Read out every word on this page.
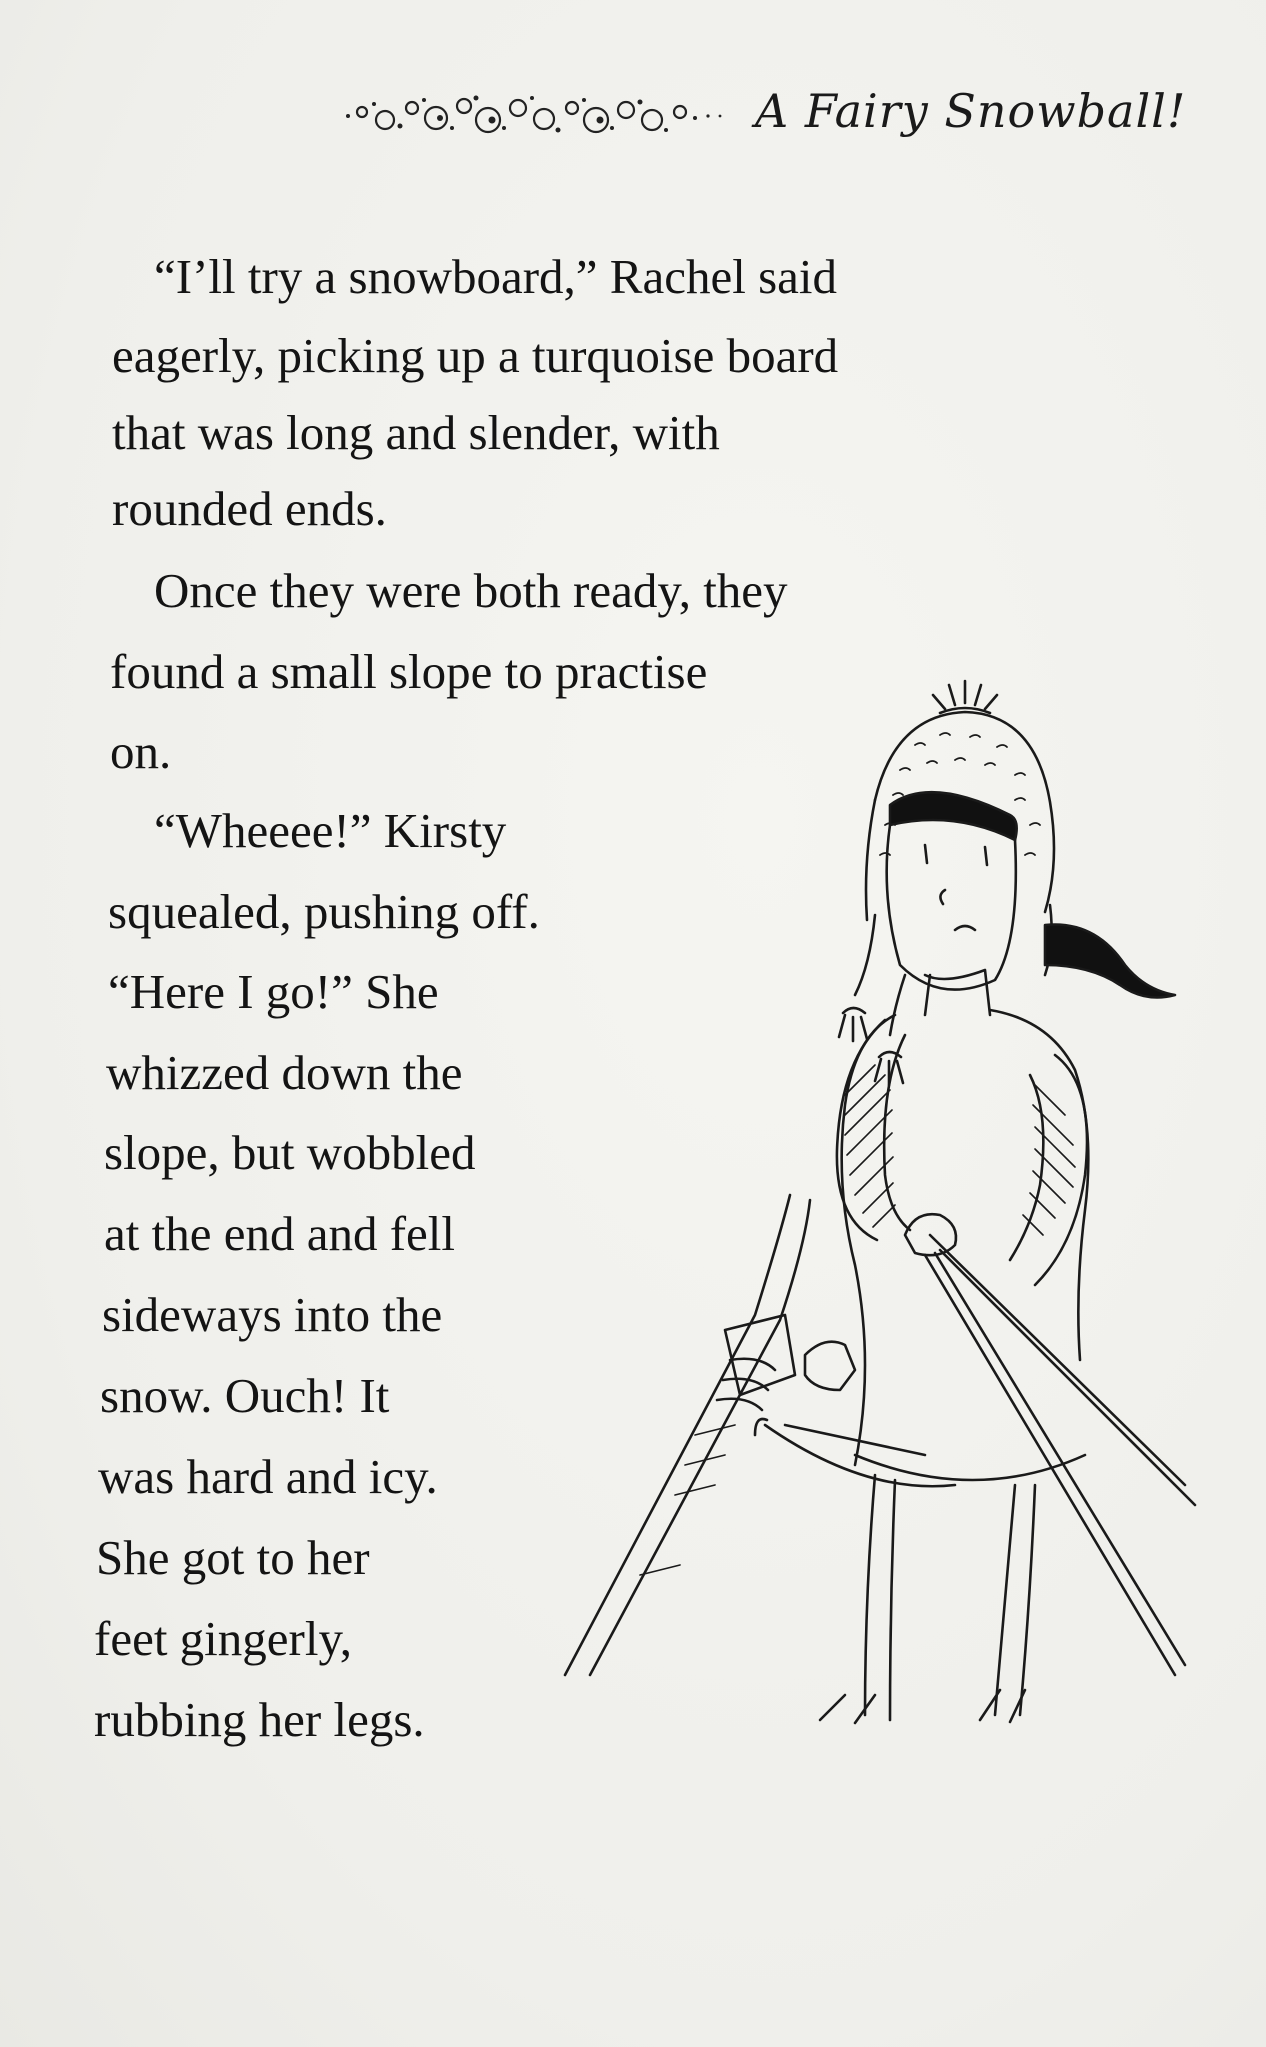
A Fairy Snowball!
“I’ll try a snowboard,” Rachel said
eagerly, picking up a turquoise board
that was long and slender, with
rounded ends.
Once they were both ready, they
found a small slope to practise
on.
“Wheeee!” Kirsty
squealed, pushing off.
“Here I go!” She
whizzed down the
slope, but wobbled
at the end and fell
sideways into the
snow. Ouch! It
was hard and icy.
She got to her
feet gingerly,
rubbing her legs.
